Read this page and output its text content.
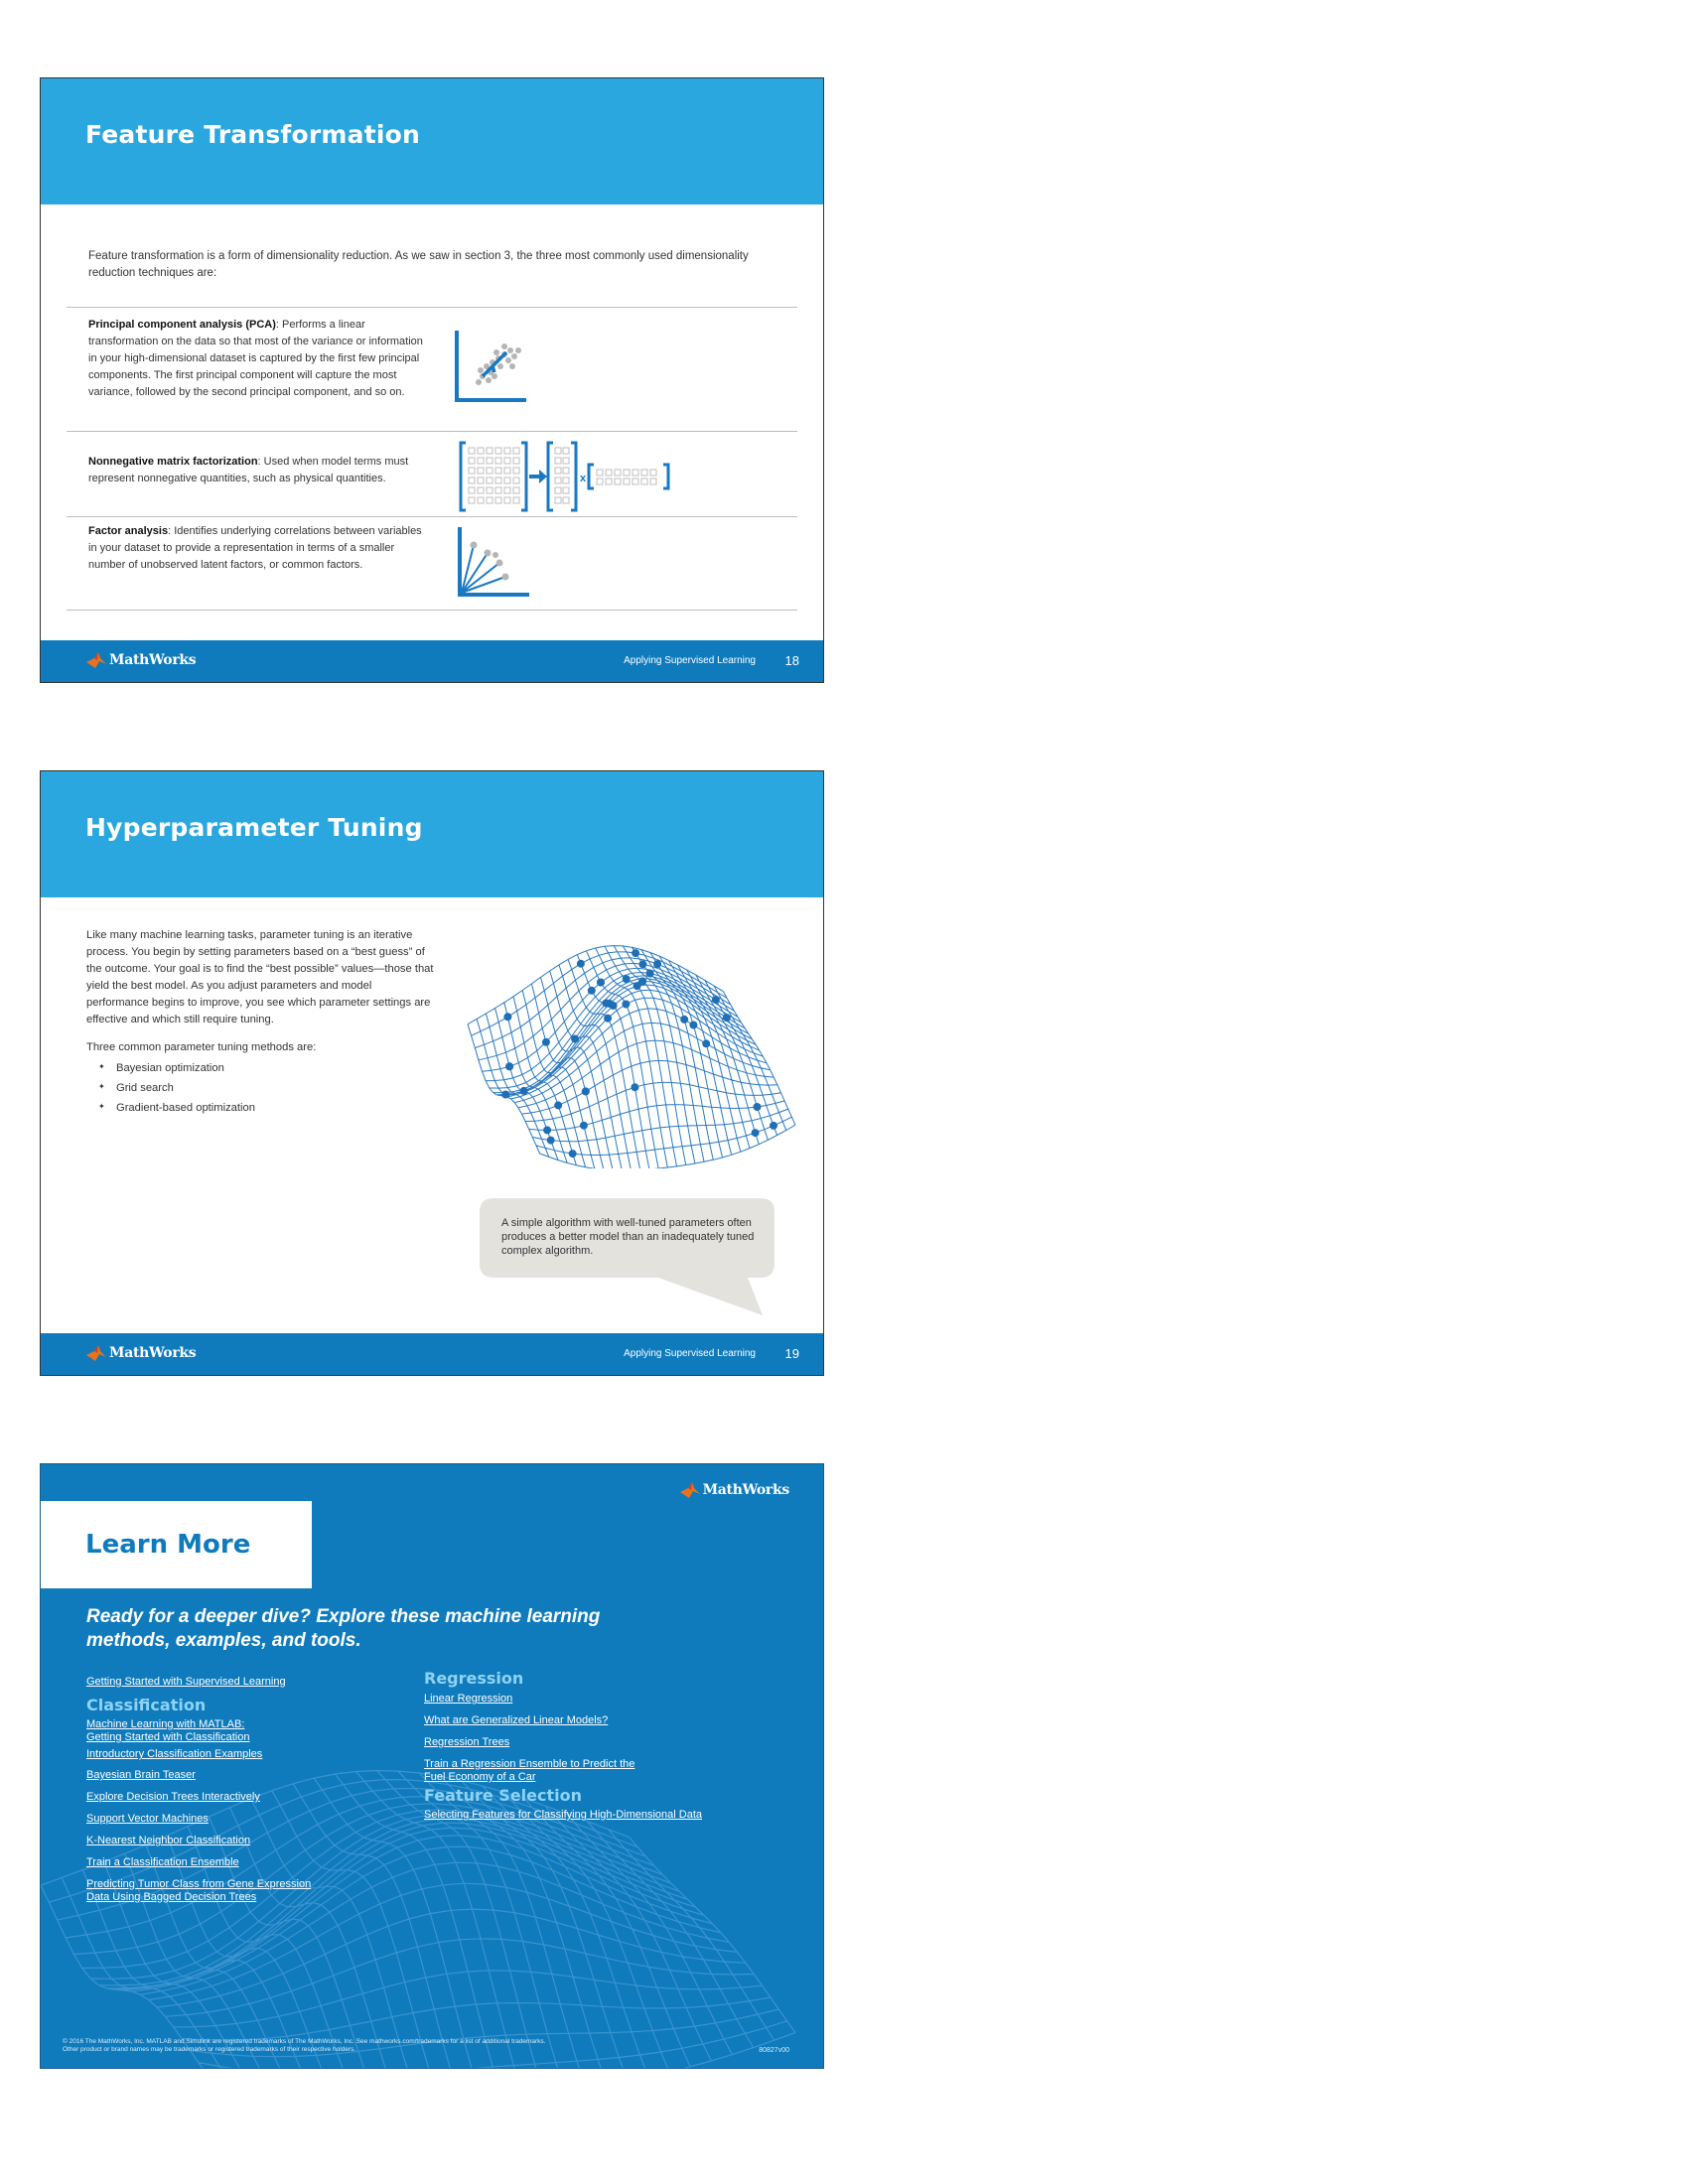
Feature Transformation
Feature transformation is a form of dimensionality reduction. As we saw in section 3, the three most commonly used dimensionality reduction techniques are:
Principal component analysis (PCA): Performs a linear transformation on the data so that most of the variance or information in your high-dimensional dataset is captured by the first few principal components. The first principal component will capture the most variance, followed by the second principal component, and so on.
Nonnegative matrix factorization: Used when model terms must represent nonnegative quantities, such as physical quantities.	x
Factor analysis: Identifies underlying correlations between variables in your dataset to provide a representation in terms of a smaller number of unobserved latent factors, or common factors.
MathWorks	Applying Supervised Learning 18
Hyperparameter Tuning
Like many machine learning tasks, parameter tuning is an iterative process. You begin by setting parameters based on a “best guess” of the outcome. Your goal is to find the “best possible” values—those that yield the best model. As you adjust parameters and model performance begins to improve, you see which parameter settings are effective and which still require tuning.
Three common parameter tuning methods are:
✦ Bayesian optimization
✦ Grid search
✦ Gradient-based optimization
A simple algorithm with well-tuned parameters often produces a better model than an inadequately tuned complex algorithm.
MathWorks	Applying Supervised Learning 19
MathWorks
Learn More
Ready for a deeper dive? Explore these machine learning methods, examples, and tools.
Getting Started with Supervised Learning
Classification
Machine Learning with MATLAB:
Getting Started with Classification
Introductory Classification Examples
Bayesian Brain Teaser
Explore Decision Trees Interactively
Support Vector Machines
K-Nearest Neighbor Classification
Train a Classification Ensemble
Predicting Tumor Class from Gene Expression
Data Using Bagged Decision Trees
Regression
Linear Regression
What are Generalized Linear Models?
Regression Trees
Train a Regression Ensemble to Predict the
Fuel Economy of a Car
Feature Selection
Selecting Features for Classifying High-Dimensional Data
© 2016 The MathWorks, Inc. MATLAB and Simulink are registered trademarks of The MathWorks, Inc. See mathworks.com/trademarks for a list of additional trademarks.
Other product or brand names may be trademarks or registered trademarks of their respective holders.	80827v00
